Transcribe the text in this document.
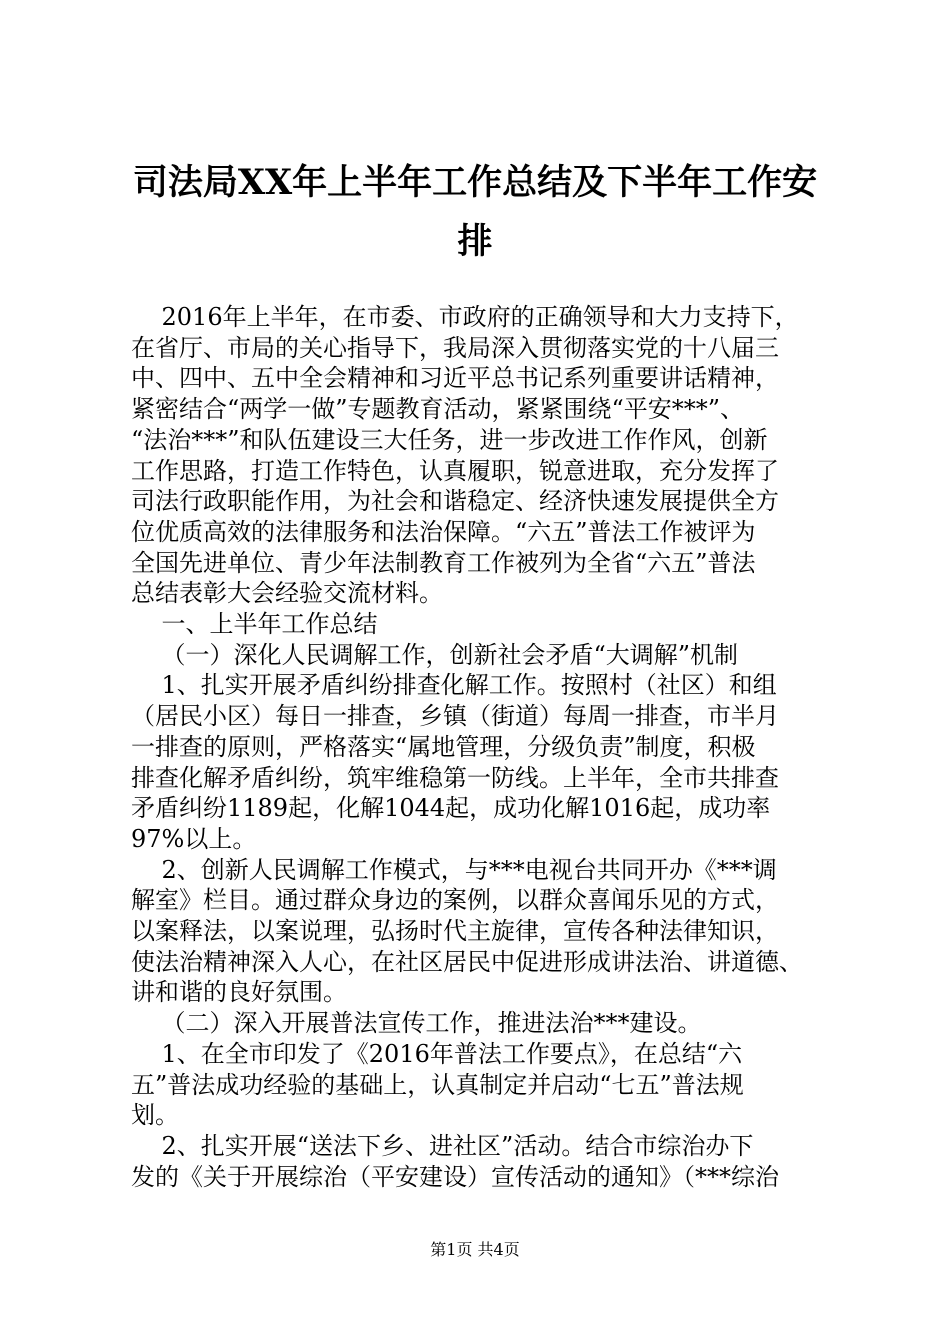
司法局XX年上半年工作总结及下半年工作安
排
2016年上半年，在市委、市政府的正确领导和大力支持下，
在省厅、市局的关心指导下，我局深入贯彻落实党的十八届三
中、四中、五中全会精神和习近平总书记系列重要讲话精神，
紧密结合“两学一做”专题教育活动，紧紧围绕“平安***”、
“法治***”和队伍建设三大任务，进一步改进工作作风，创新
工作思路，打造工作特色，认真履职，锐意进取，充分发挥了
司法行政职能作用，为社会和谐稳定、经济快速发展提供全方
位优质高效的法律服务和法治保障。“六五”普法工作被评为
全国先进单位、青少年法制教育工作被列为全省“六五”普法
总结表彰大会经验交流材料。
一、上半年工作总结
（一）深化人民调解工作，创新社会矛盾“大调解”机制
1、扎实开展矛盾纠纷排查化解工作。按照村（社区）和组
（居民小区）每日一排查，乡镇（街道）每周一排查，市半月
一排查的原则，严格落实“属地管理，分级负责”制度，积极
排查化解矛盾纠纷，筑牢维稳第一防线。上半年，全市共排查
矛盾纠纷1189起，化解1044起，成功化解1016起，成功率
97%以上。
2、创新人民调解工作模式，与***电视台共同开办《***调
解室》栏目。通过群众身边的案例，以群众喜闻乐见的方式，
以案释法，以案说理，弘扬时代主旋律，宣传各种法律知识，
使法治精神深入人心，在社区居民中促进形成讲法治、讲道德、
讲和谐的良好氛围。
（二）深入开展普法宣传工作，推进法治***建设。
1、在全市印发了《2016年普法工作要点》，在总结“六
五”普法成功经验的基础上，认真制定并启动“七五”普法规
划。
2、扎实开展“送法下乡、进社区”活动。结合市综治办下
发的《关于开展综治（平安建设）宣传活动的通知》（***综治
第1页 共4页
